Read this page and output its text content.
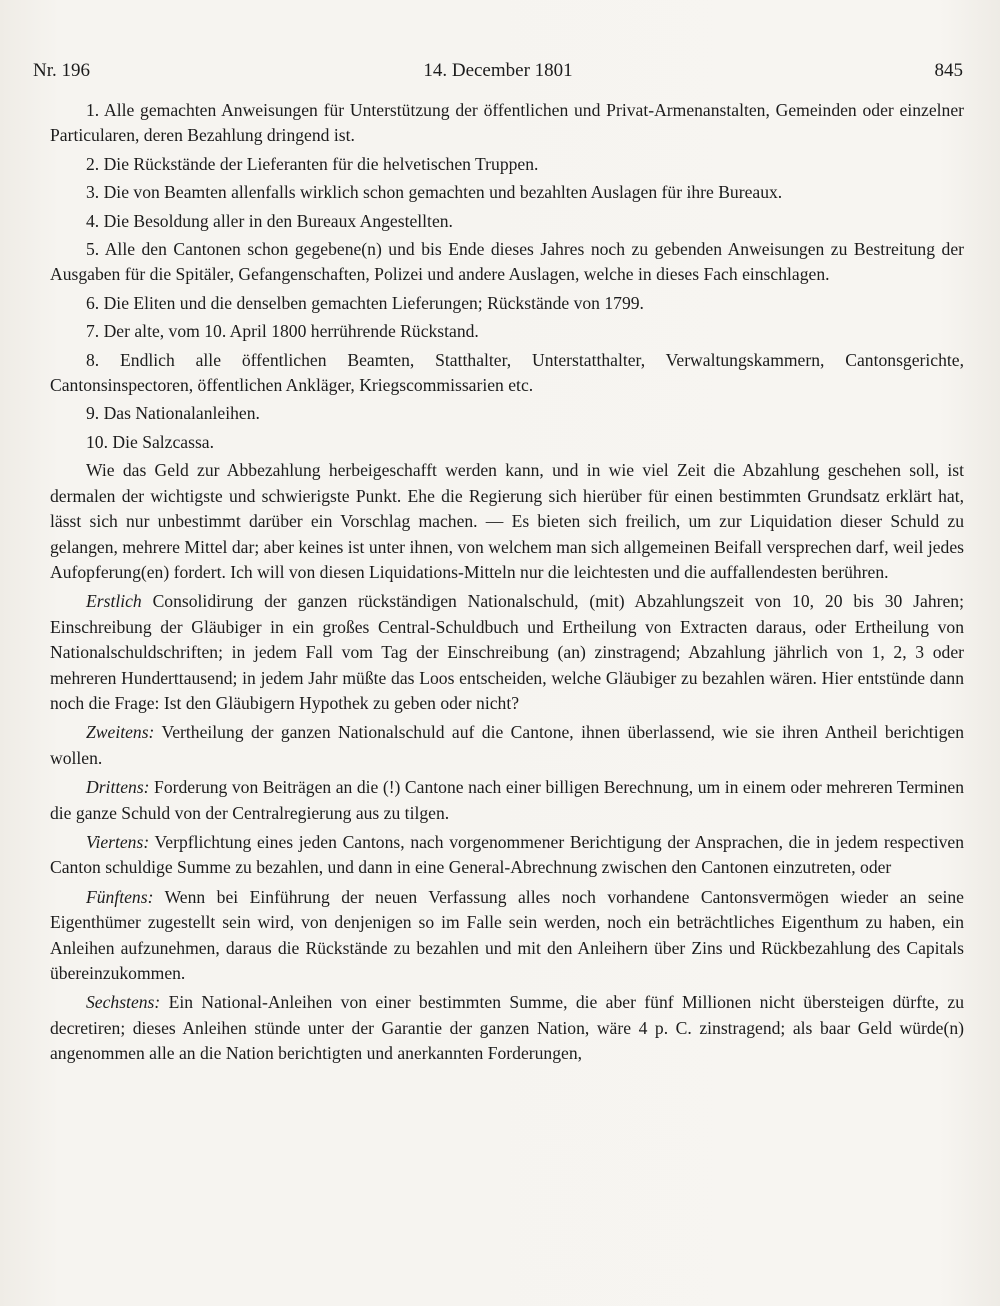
Nr. 196	14. December 1801	845

1. Alle gemachten Anweisungen für Unterstützung der öffentlichen und Privat-Armenanstalten, Gemeinden oder einzelner Particularen, deren Bezahlung dringend ist.

2. Die Rückstände der Lieferanten für die helvetischen Truppen.

3. Die von Beamten allenfalls wirklich schon gemachten und bezahlten Auslagen für ihre Bureaux.

4. Die Besoldung aller in den Bureaux Angestellten.

5. Alle den Cantonen schon gegebene(n) und bis Ende dieses Jahres noch zu gebenden Anweisungen zu Bestreitung der Ausgaben für die Spitäler, Gefangenschaften, Polizei und andere Auslagen, welche in dieses Fach einschlagen.

6. Die Eliten und die denselben gemachten Lieferungen; Rückstände von 1799.

7. Der alte, vom 10. April 1800 herrührende Rückstand.

8. Endlich alle öffentlichen Beamten, Statthalter, Unterstatthalter, Verwaltungskammern, Cantonsgerichte, Cantonsinspectoren, öffentlichen Ankläger, Kriegscommissarien etc.

9. Das Nationalanleihen.

10. Die Salzcassa.

Wie das Geld zur Abbezahlung herbeigeschafft werden kann, und in wie viel Zeit die Abzahlung geschehen soll, ist dermalen der wichtigste und schwierigste Punkt. Ehe die Regierung sich hierüber für einen bestimmten Grundsatz erklärt hat, lässt sich nur unbestimmt darüber ein Vorschlag machen. — Es bieten sich freilich, um zur Liquidation dieser Schuld zu gelangen, mehrere Mittel dar; aber keines ist unter ihnen, von welchem man sich allgemeinen Beifall versprechen darf, weil jedes Aufopferung(en) fordert. Ich will von diesen Liquidations-Mitteln nur die leichtesten und die auffallendesten berühren.

Erstlich Consolidirung der ganzen rückständigen Nationalschuld, (mit) Abzahlungszeit von 10, 20 bis 30 Jahren; Einschreibung der Gläubiger in ein großes Central-Schuldbuch und Ertheilung von Extracten daraus, oder Ertheilung von Nationalschuldschriften; in jedem Fall vom Tag der Einschreibung (an) zinstragend; Abzahlung jährlich von 1, 2, 3 oder mehreren Hunderttausend; in jedem Jahr müßte das Loos entscheiden, welche Gläubiger zu bezahlen wären. Hier entstünde dann noch die Frage: Ist den Gläubigern Hypothek zu geben oder nicht?

Zweitens: Vertheilung der ganzen Nationalschuld auf die Cantone, ihnen überlassend, wie sie ihren Antheil berichtigen wollen.

Drittens: Forderung von Beiträgen an die (!) Cantone nach einer billigen Berechnung, um in einem oder mehreren Terminen die ganze Schuld von der Centralregierung aus zu tilgen.

Viertens: Verpflichtung eines jeden Cantons, nach vorgenommener Berichtigung der Ansprachen, die in jedem respectiven Canton schuldige Summe zu bezahlen, und dann in eine General-Abrechnung zwischen den Cantonen einzutreten, oder

Fünftens: Wenn bei Einführung der neuen Verfassung alles noch vorhandene Cantonsvermögen wieder an seine Eigenthümer zugestellt sein wird, von denjenigen so im Falle sein werden, noch ein beträchtliches Eigenthum zu haben, ein Anleihen aufzunehmen, daraus die Rückstände zu bezahlen und mit den Anleihern über Zins und Rückbezahlung des Capitals übereinzukommen.

Sechstens: Ein National-Anleihen von einer bestimmten Summe, die aber fünf Millionen nicht übersteigen dürfte, zu decretiren; dieses Anleihen stünde unter der Garantie der ganzen Nation, wäre 4 p. C. zinstragend; als baar Geld würde(n) angenommen alle an die Nation berichtigten und anerkannten Forderungen,
